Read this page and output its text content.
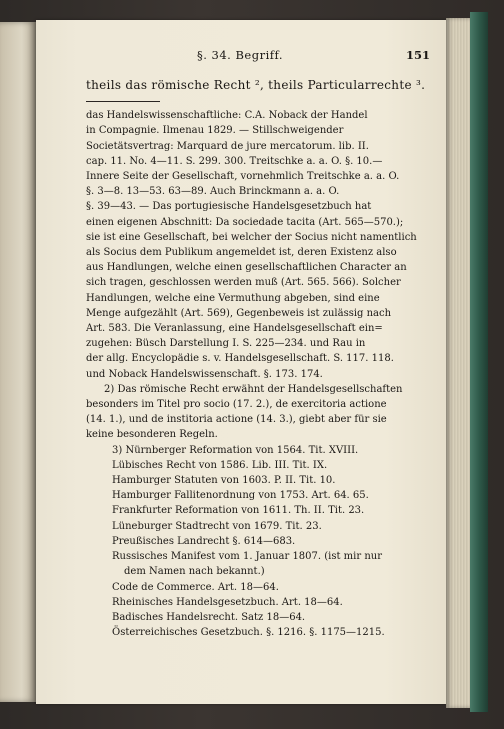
§. 34. Begriff.	151
theils das römische Recht ², theils Particularrechte ³.
das Handelswissenschaftliche: C.A. Noback der Handel
in Compagnie. Ilmenau 1829. — Stillschweigender
Societätsvertrag: Marquard de jure mercatorum. lib. II.
cap. 11. No. 4—11. S. 299. 300. Treitschke a. a. O. §. 10.—
Innere Seite der Gesellschaft, vornehmlich Treitschke a. a. O.
§. 3—8. 13—53. 63—89. Auch Brinckmann a. a. O.
§. 39—43. — Das portugiesische Handelsgesetzbuch hat
einen eigenen Abschnitt: Da sociedade tacita (Art. 565—570.);
sie ist eine Gesellschaft, bei welcher der Socius nicht namentlich
als Socius dem Publikum angemeldet ist, deren Existenz also
aus Handlungen, welche einen gesellschaftlichen Character an
sich tragen, geschlossen werden muß (Art. 565. 566). Solcher
Handlungen, welche eine Vermuthung abgeben, sind eine
Menge aufgezählt (Art. 569), Gegenbeweis ist zulässig nach
Art. 583. Die Veranlassung, eine Handelsgesellschaft ein=
zugehen: Büsch Darstellung I. S. 225—234. und Rau in
der allg. Encyclopädie s. v. Handelsgesellschaft. S. 117. 118.
und Noback Handelswissenschaft. §. 173. 174.
2) Das römische Recht erwähnt der Handelsgesellschaften
besonders im Titel pro socio (17. 2.), de exercitoria actione
(14. 1.), und de institoria actione (14. 3.), giebt aber für sie
keine besonderen Regeln.
3) Nürnberger Reformation von 1564. Tit. XVIII.
Lübisches Recht von 1586. Lib. III. Tit. IX.
Hamburger Statuten von 1603. P. II. Tit. 10.
Hamburger Fallitenordnung von 1753. Art. 64. 65.
Frankfurter Reformation von 1611. Th. II. Tit. 23.
Lüneburger Stadtrecht von 1679. Tit. 23.
Preußisches Landrecht §. 614—683.
Russisches Manifest vom 1. Januar 1807. (ist mir nur
dem Namen nach bekannt.)
Code de Commerce. Art. 18—64.
Rheinisches Handelsgesetzbuch. Art. 18—64.
Badisches Handelsrecht. Satz 18—64.
Österreichisches Gesetzbuch. §. 1216. §. 1175—1215.
